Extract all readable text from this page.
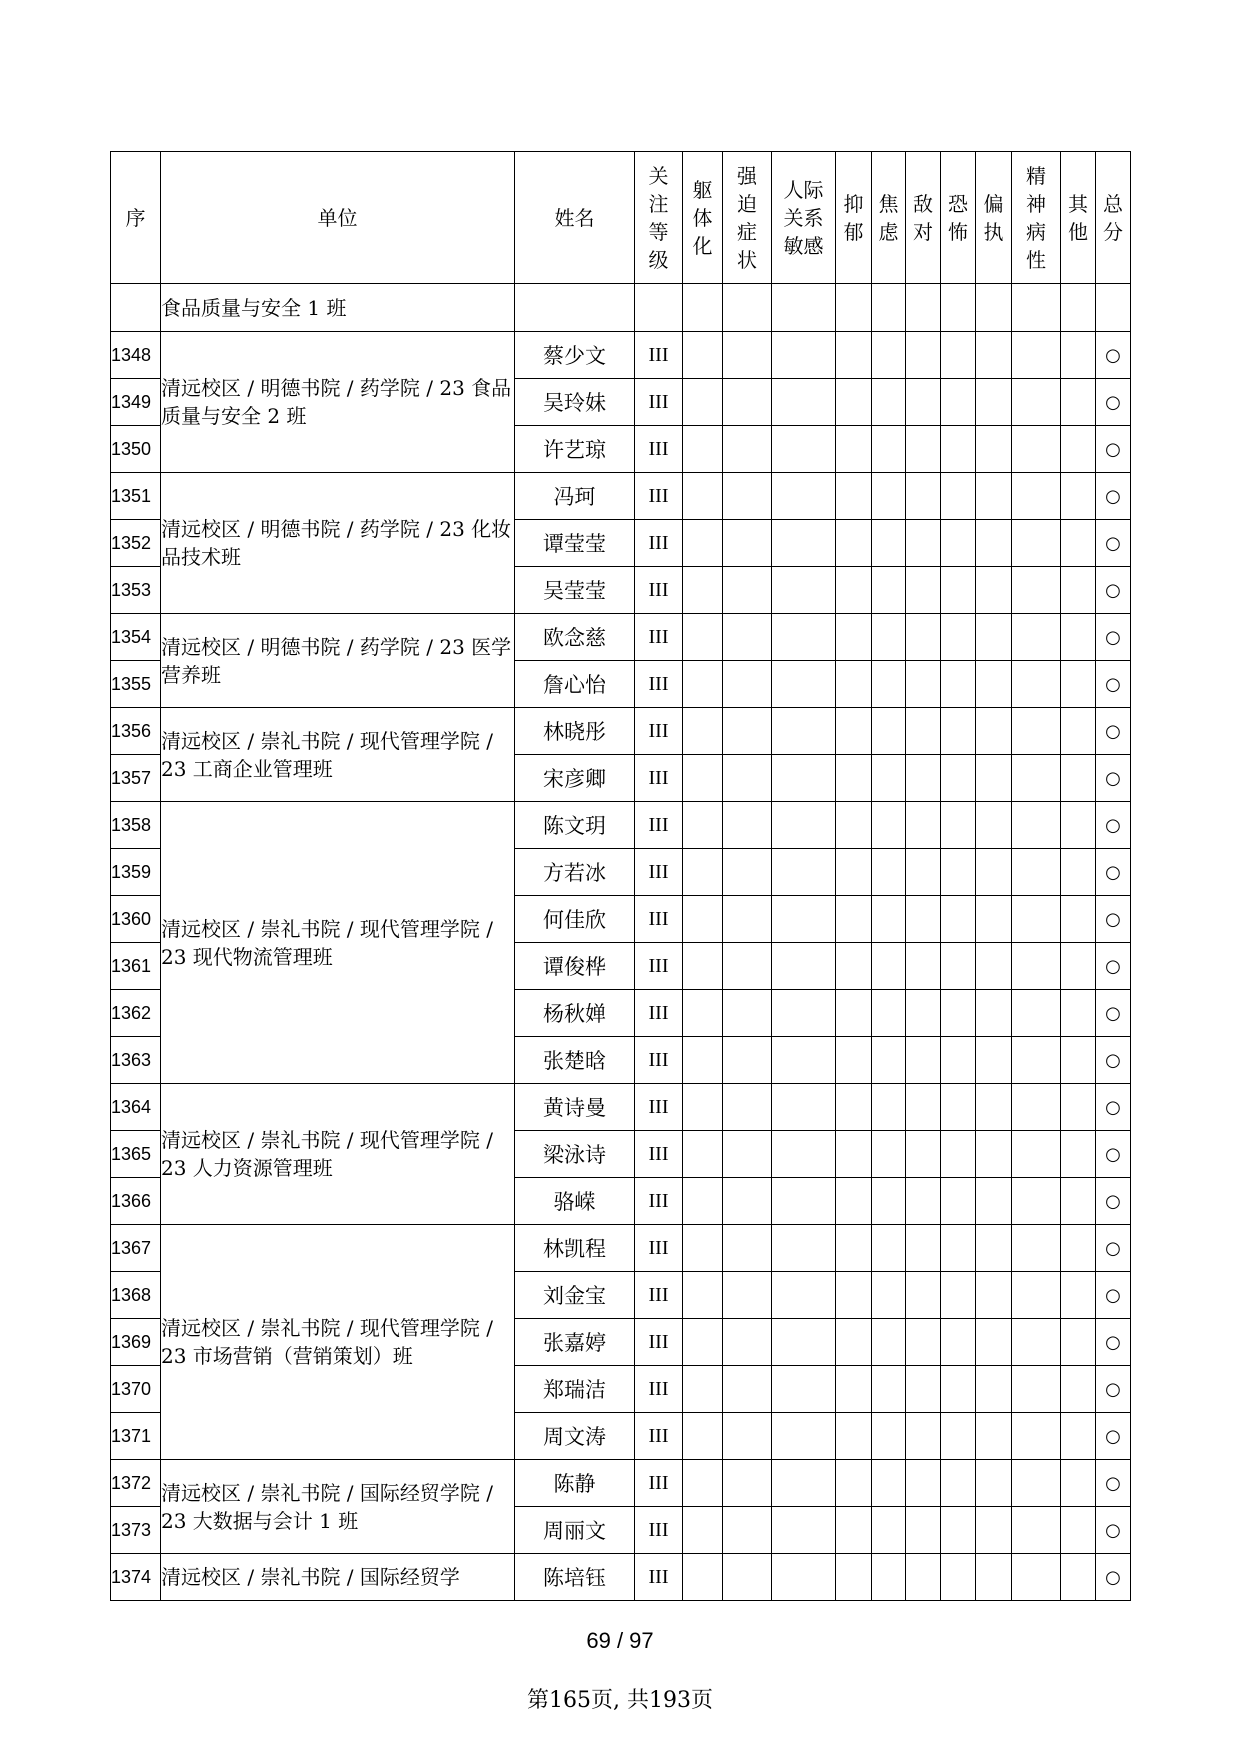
序	单位	姓名	关注等级	躯体化	强迫症状	人际关系敏感	抑郁	焦虑	敌对	恐怖	偏执	精神病性	其他	总分
	食品质量与安全 1 班													
1348	清远校区 / 明德书院 / 药学院 / 23 食品质量与安全 2 班	蔡少文	III											○
1349		吴玲妹	III											○
1350		许艺琼	III											○
1351	清远校区 / 明德书院 / 药学院 / 23 化妆品技术班	冯珂	III											○
1352		谭莹莹	III											○
1353		吴莹莹	III											○
1354	清远校区 / 明德书院 / 药学院 / 23 医学营养班	欧念慈	III											○
1355		詹心怡	III											○
1356	清远校区 / 崇礼书院 / 现代管理学院 / 23 工商企业管理班	林晓彤	III											○
1357		宋彦卿	III											○
1358	清远校区 / 崇礼书院 / 现代管理学院 / 23 现代物流管理班	陈文玥	III											○
1359		方若冰	III											○
1360		何佳欣	III											○
1361		谭俊桦	III											○
1362		杨秋婵	III											○
1363		张楚晗	III											○
1364	清远校区 / 崇礼书院 / 现代管理学院 / 23 人力资源管理班	黄诗曼	III											○
1365		梁泳诗	III											○
1366		骆嵘	III											○
1367	清远校区 / 崇礼书院 / 现代管理学院 / 23 市场营销（营销策划）班	林凯程	III											○
1368		刘金宝	III											○
1369		张嘉婷	III											○
1370		郑瑞洁	III											○
1371		周文涛	III											○
1372	清远校区 / 崇礼书院 / 国际经贸学院 / 23 大数据与会计 1 班	陈静	III											○
1373		周丽文	III											○
1374	清远校区 / 崇礼书院 / 国际经贸学	陈培钰	III											○
69 / 97
第165页, 共193页
